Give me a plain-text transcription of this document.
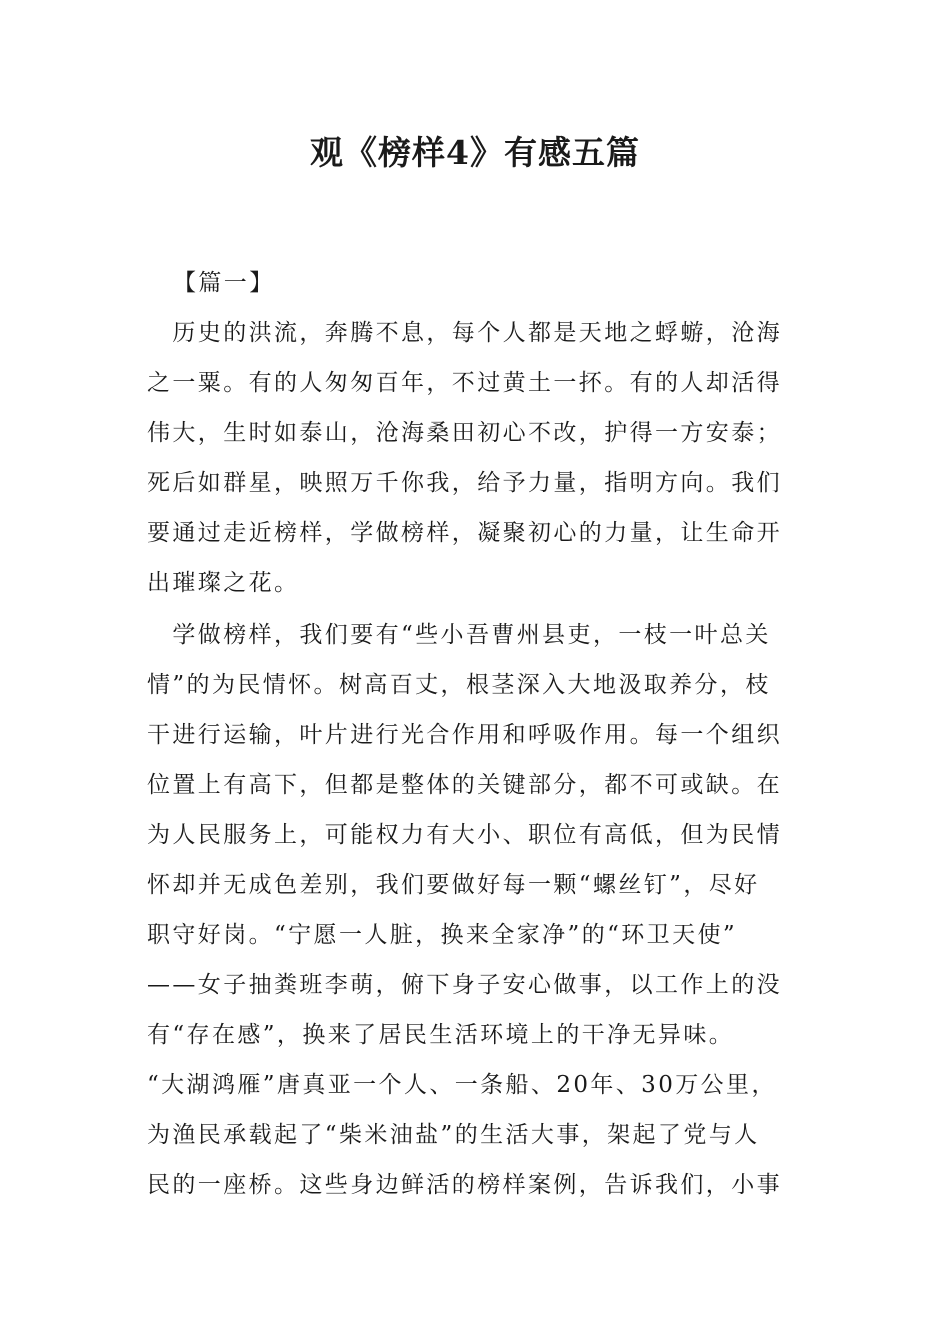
观《榜样4》有感五篇
【篇一】
　历史的洪流，奔腾不息，每个人都是天地之蜉蝣，沧海
之一粟。有的人匆匆百年，不过黄土一抔。有的人却活得
伟大，生时如泰山，沧海桑田初心不改，护得一方安泰；
死后如群星，映照万千你我，给予力量，指明方向。我们
要通过走近榜样，学做榜样，凝聚初心的力量，让生命开
出璀璨之花。
　学做榜样，我们要有“些小吾曹州县吏，一枝一叶总关
情”的为民情怀。树高百丈，根茎深入大地汲取养分，枝
干进行运输，叶片进行光合作用和呼吸作用。每一个组织
位置上有高下，但都是整体的关键部分，都不可或缺。在
为人民服务上，可能权力有大小、职位有高低，但为民情
怀却并无成色差别，我们要做好每一颗“螺丝钉”，尽好
职守好岗。“宁愿一人脏，换来全家净”的“环卫天使”
——女子抽粪班李萌，俯下身子安心做事，以工作上的没
有“存在感”，换来了居民生活环境上的干净无异味。
“大湖鸿雁”唐真亚一个人、一条船、20年、30万公里，
为渔民承载起了“柴米油盐”的生活大事，架起了党与人
民的一座桥。这些身边鲜活的榜样案例，告诉我们，小事
